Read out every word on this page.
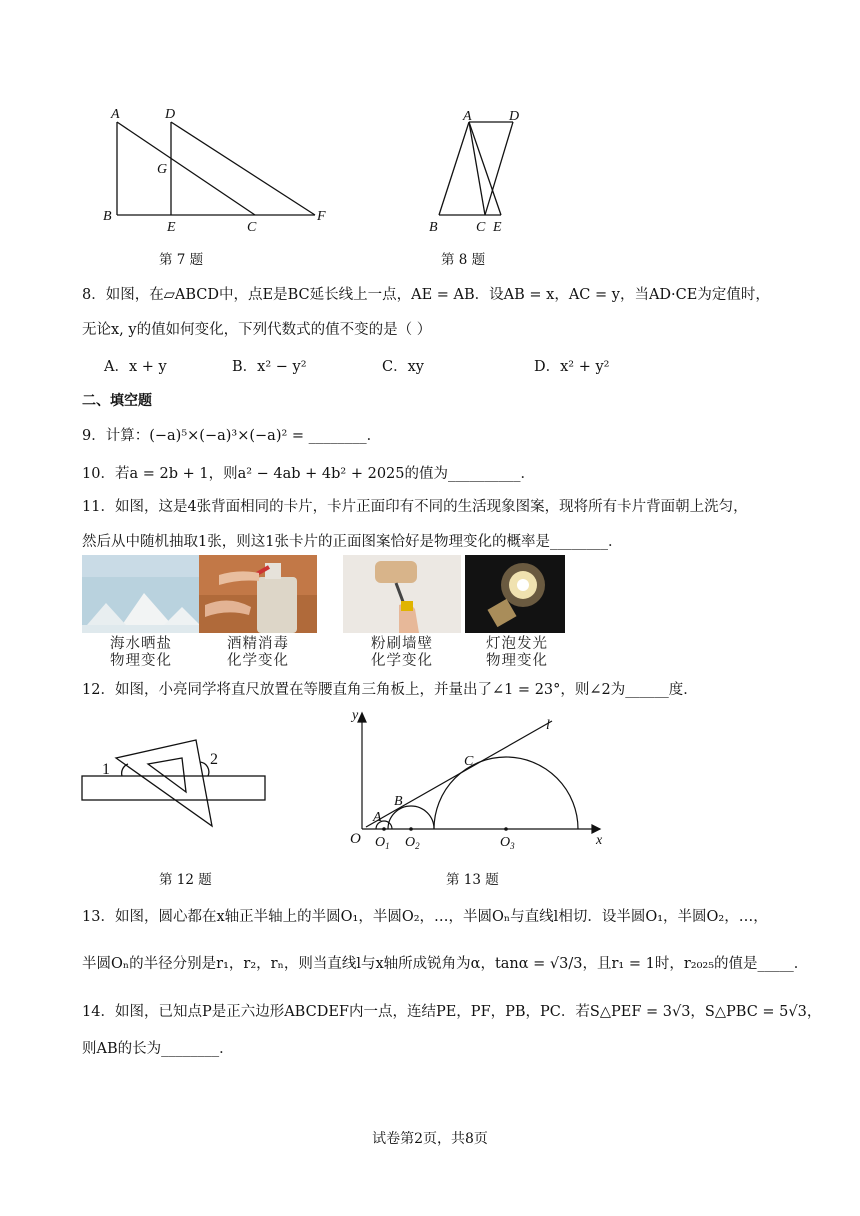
A	D
G
B
E	C
F
第 7 题
A	D
B	C E
第 8 题
8．如图，在▱ABCD中，点E是BC延长线上一点，AE = AB．设AB = x，AC = y，当AD·CE为定值时，
无论x, y的值如何变化，下列代数式的值不变的是（ ）
A．x + y	B．x² − y²	C．xy	D．x² + y²
二、填空题
9．计算：(−a)⁵×(−a)³×(−a)² = ________．
10．若a = 2b + 1，则a² − 4ab + 4b² + 2025的值为__________．
11．如图，这是4张背面相同的卡片，卡片正面印有不同的生活现象图案，现将所有卡片背面朝上洗匀，
然后从中随机抽取1张，则这1张卡片的正面图案恰好是物理变化的概率是________．
海水晒盐
物理变化
酒精消毒
化学变化
粉刷墙壁
化学变化
灯泡发光
物理变化
12．如图，小亮同学将直尺放置在等腰直角三角板上，并量出了∠1 = 23°，则∠2为______度．
1
2
第 12 题
y
l
C
B
A
O $O_1$ $O_2$	$O_3$	x
第 13 题
13．如图，圆心都在x轴正半轴上的半圆O₁，半圆O₂，…，半圆Oₙ与直线l相切．设半圆O₁，半圆O₂，…，
半圆Oₙ的半径分别是r₁，r₂，rₙ，则当直线l与x轴所成锐角为α，tanα = √3/3，且r₁ = 1时，r₂₀₂₅的值是_____．
14．如图，已知点P是正六边形ABCDEF内一点，连结PE，PF，PB，PC．若S△PEF = 3√3，S△PBC = 5√3，
则AB的长为________．
试卷第2页，共8页
